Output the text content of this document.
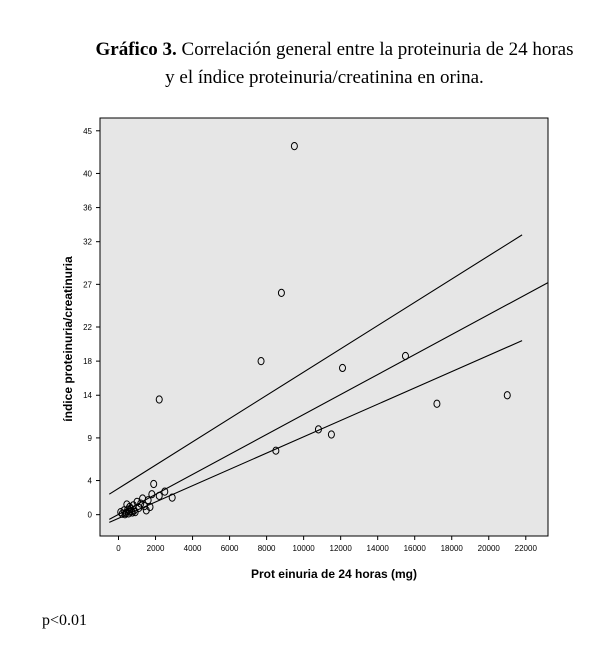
Gráfico 3. Correlación general entre la proteinuria de 24 horas
y el índice proteinuria/creatinina en orina.
0	2000 4000 6000 8000 10000 12000 14000 16000 18000 20000 22000
0
4
9
14
18
22
27
32
36
40
45
Prot einuria de 24 horas (mg)
índice proteinuria/creatinuria
p<0.01
